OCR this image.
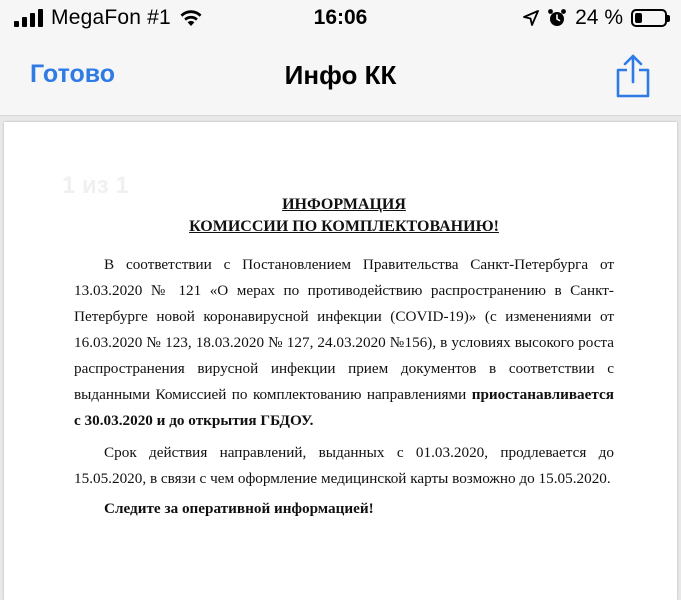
MegaFon #1	16:06	24 %
Готово	Инфо КК
1 из 1
ИНФОРМАЦИЯ
КОМИССИИ ПО КОМПЛЕКТОВАНИЮ!

В соответствии с Постановлением Правительства Санкт-Петербурга от 13.03.2020 № 121 «О мерах по противодействию распространению в Санкт-Петербурге новой коронавирусной инфекции (COVID-19)» (с изменениями от 16.03.2020 № 123, 18.03.2020 № 127, 24.03.2020 №156), в условиях высокого роста распространения вирусной инфекции прием документов в соответствии с выданными Комиссией по комплектованию направлениями приостанавливается с 30.03.2020 и до открытия ГБДОУ.

Срок действия направлений, выданных с 01.03.2020, продлевается до 15.05.2020, в связи с чем оформление медицинской карты возможно до 15.05.2020.

Следите за оперативной информацией!
